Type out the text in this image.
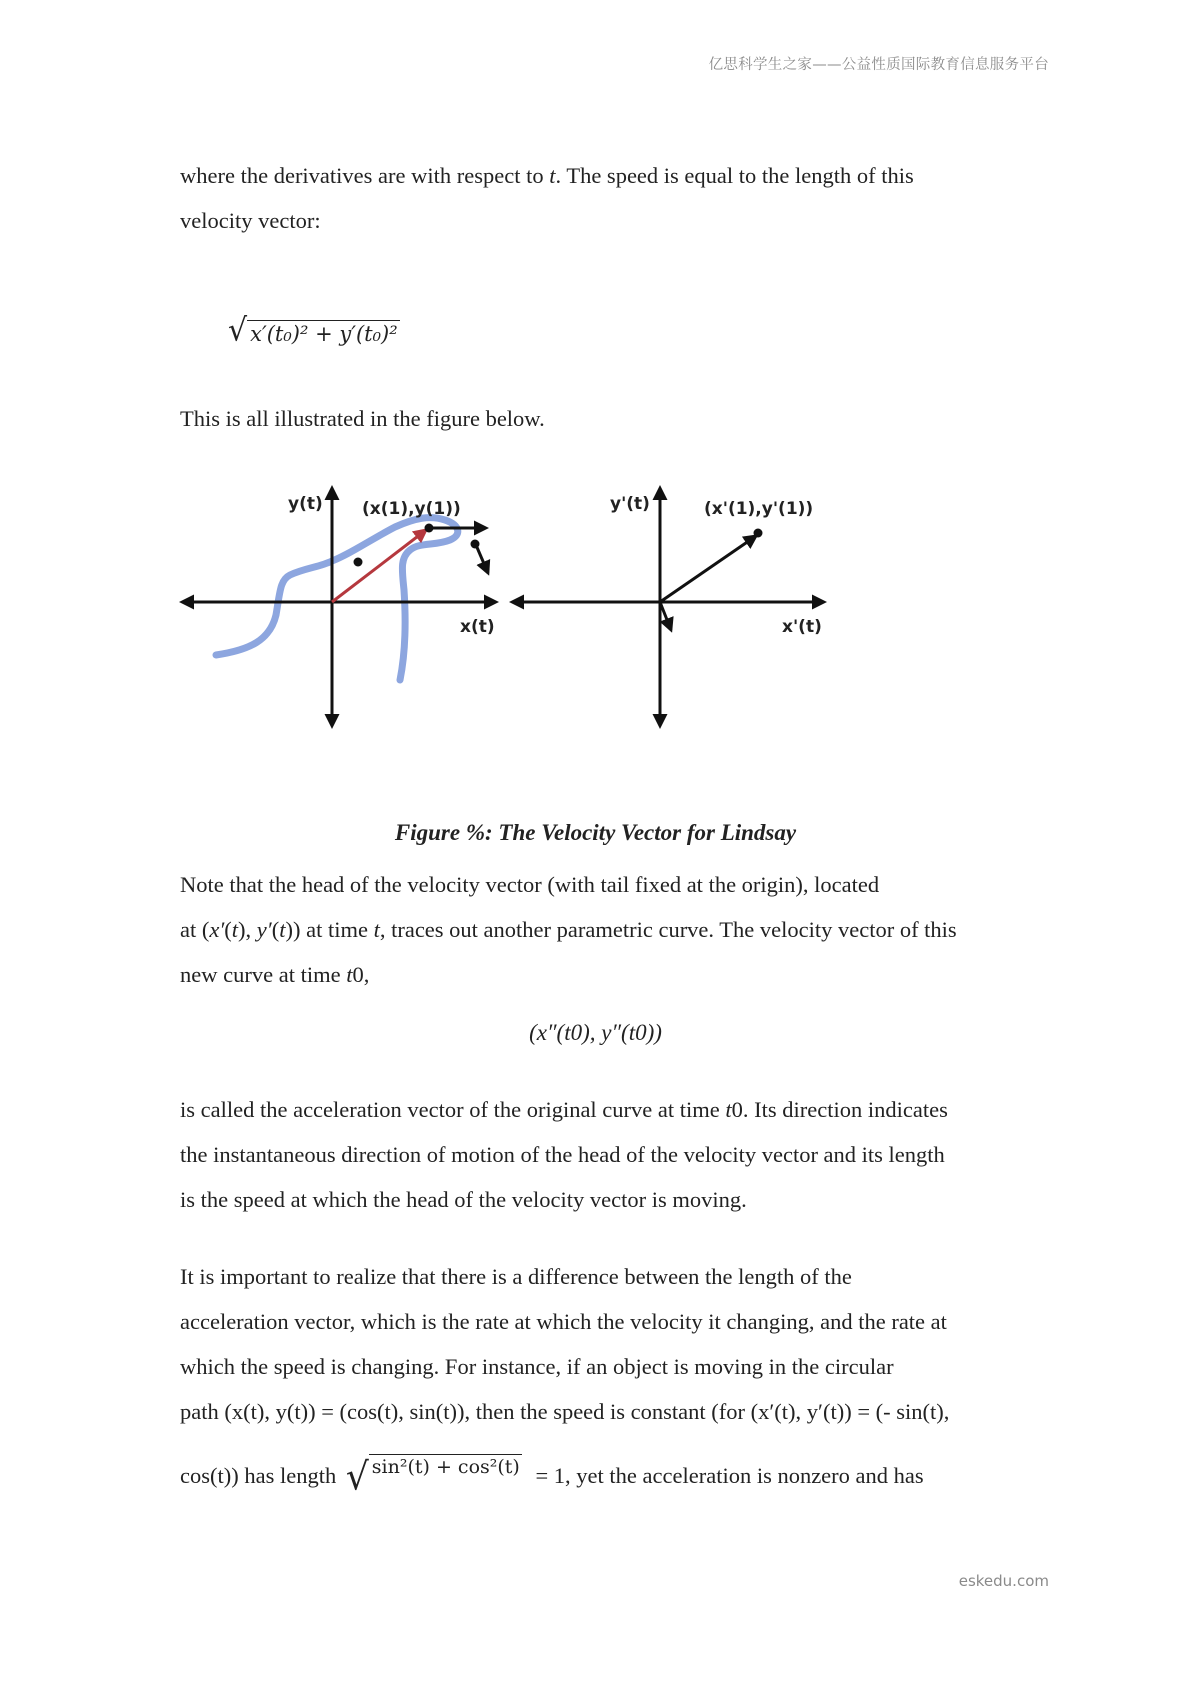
亿思科学生之家——公益性质国际教育信息服务平台
where the derivatives are with respect to t. The speed is equal to the length of this
velocity vector:
√ x′(t₀)² + y′(t₀)²
This is all illustrated in the figure below.
y(t)
x(t)
(x(1),y(1))	y'(t)
x'(t)
(x'(1),y'(1))
Figure %: The Velocity Vector for Lindsay
Note that the head of the velocity vector (with tail fixed at the origin), located
at (x′(t), y′(t)) at time t, traces out another parametric curve. The velocity vector of this
new curve at time t0,
(x″(t0), y″(t0))
is called the acceleration vector of the original curve at time t0. Its direction indicates
the instantaneous direction of motion of the head of the velocity vector and its length
is the speed at which the head of the velocity vector is moving.
It is important to realize that there is a difference between the length of the
acceleration vector, which is the rate at which the velocity it changing, and the rate at
which the speed is changing. For instance, if an object is moving in the circular
path (x(t), y(t)) = (cos(t), sin(t)), then the speed is constant (for (x′(t), y′(t)) = (- sin(t),
cos(t)) has length √ sin²(t) + cos²(t) = 1, yet the acceleration is nonzero and has
eskedu.com
